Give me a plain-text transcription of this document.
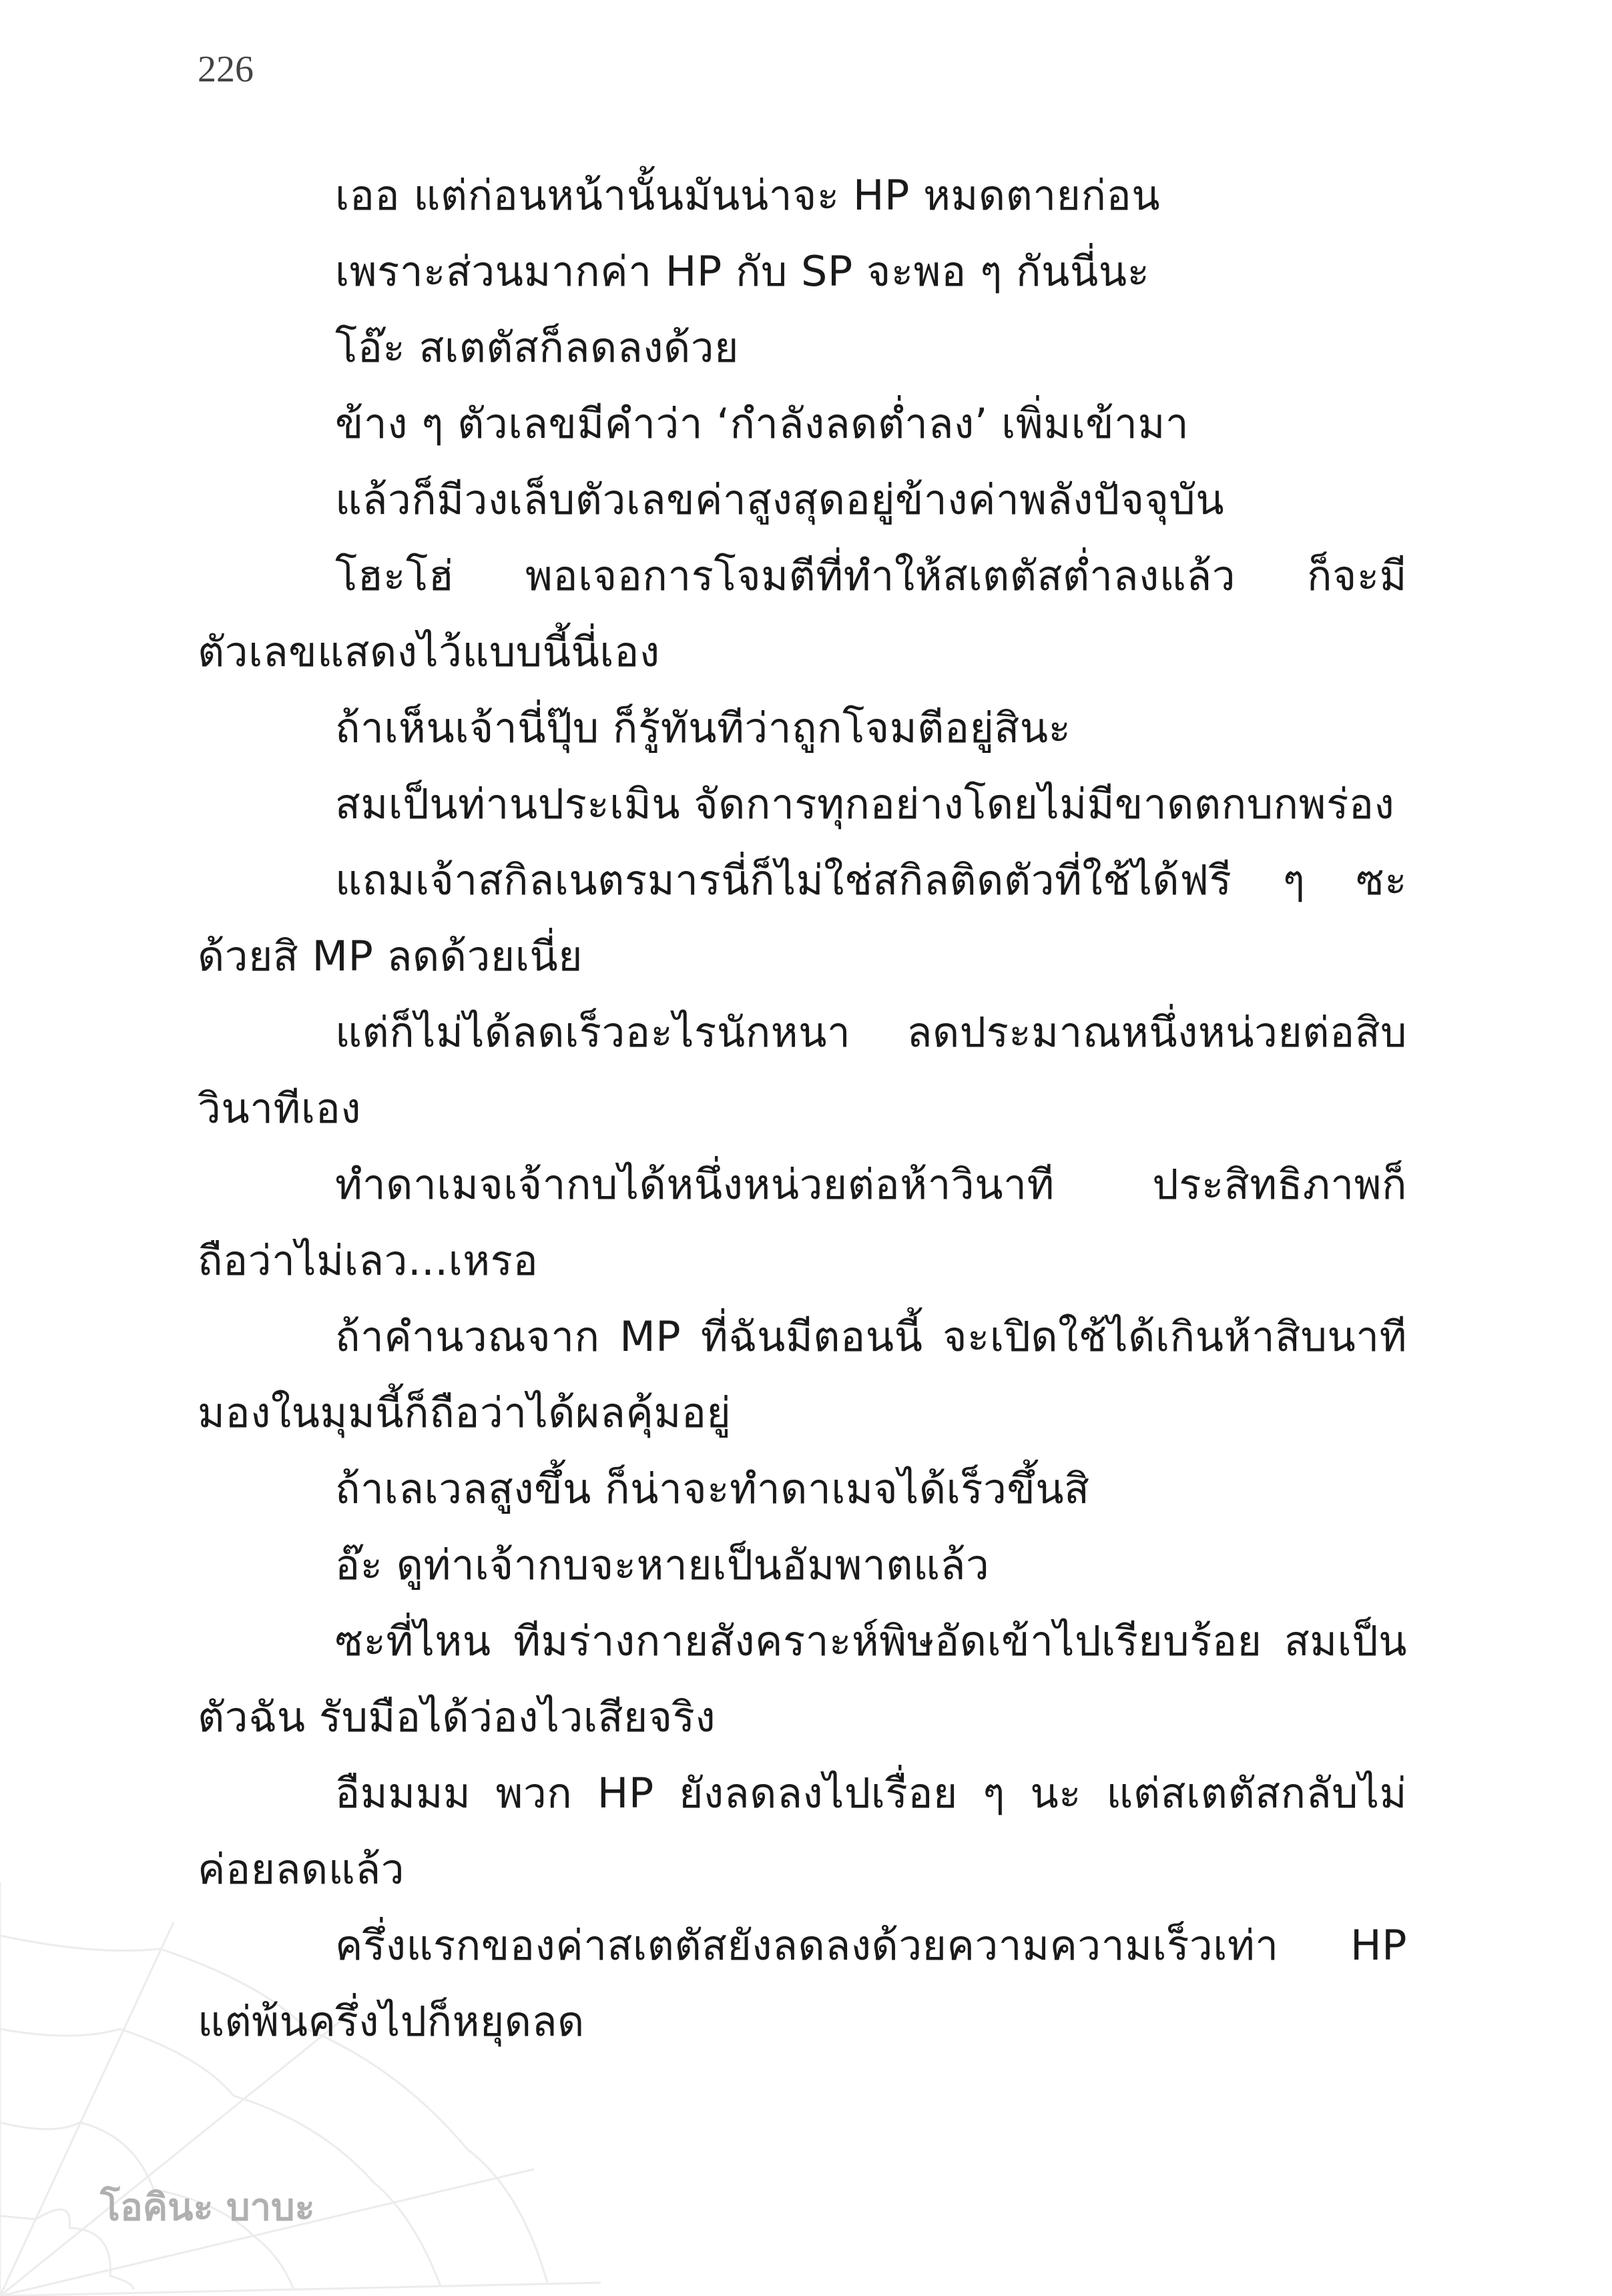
226

เออ แต่ก่อนหน้านั้นมันน่าจะ HP หมดตายก่อน

เพราะส่วนมากค่า HP กับ SP จะพอ ๆ กันนี่นะ

โอ๊ะ สเตตัสก็ลดลงด้วย

ข้าง ๆ ตัวเลขมีคำว่า ‘กำลังลดต่ำลง’ เพิ่มเข้ามา

แล้วก็มีวงเล็บตัวเลขค่าสูงสุดอยู่ข้างค่าพลังปัจจุบัน

โฮะโฮ่ พอเจอการโจมตีที่ทำให้สเตตัสต่ำลงแล้ว ก็จะมีตัวเลขแสดงไว้แบบนี้นี่เอง

ถ้าเห็นเจ้านี่ปุ๊บ ก็รู้ทันทีว่าถูกโจมตีอยู่สินะ

สมเป็นท่านประเมิน จัดการทุกอย่างโดยไม่มีขาดตกบกพร่อง

แถมเจ้าสกิลเนตรมารนี่ก็ไม่ใช่สกิลติดตัวที่ใช้ได้ฟรี ๆ ซะด้วยสิ MP ลดด้วยเนี่ย

แต่ก็ไม่ได้ลดเร็วอะไรนักหนา ลดประมาณหนึ่งหน่วยต่อสิบวินาทีเอง

ทำดาเมจเจ้ากบได้หนึ่งหน่วยต่อห้าวินาที ประสิทธิภาพก็ถือว่าไม่เลว...เหรอ

ถ้าคำนวณจาก MP ที่ฉันมีตอนนี้ จะเปิดใช้ได้เกินห้าสิบนาที มองในมุมนี้ก็ถือว่าได้ผลคุ้มอยู่

ถ้าเลเวลสูงขึ้น ก็น่าจะทำดาเมจได้เร็วขึ้นสิ

อ๊ะ ดูท่าเจ้ากบจะหายเป็นอัมพาตแล้ว

ซะที่ไหน ทีมร่างกายสังคราะห์พิษอัดเข้าไปเรียบร้อย สมเป็นตัวฉัน รับมือได้ว่องไวเสียจริง

อืมมมม พวก HP ยังลดลงไปเรื่อย ๆ นะ แต่สเตตัสกลับไม่ค่อยลดแล้ว

ครึ่งแรกของค่าสเตตัสยังลดลงด้วยความความเร็วเท่า HP แต่พ้นครึ่งไปก็หยุดลด

โอคินะ บาบะ
